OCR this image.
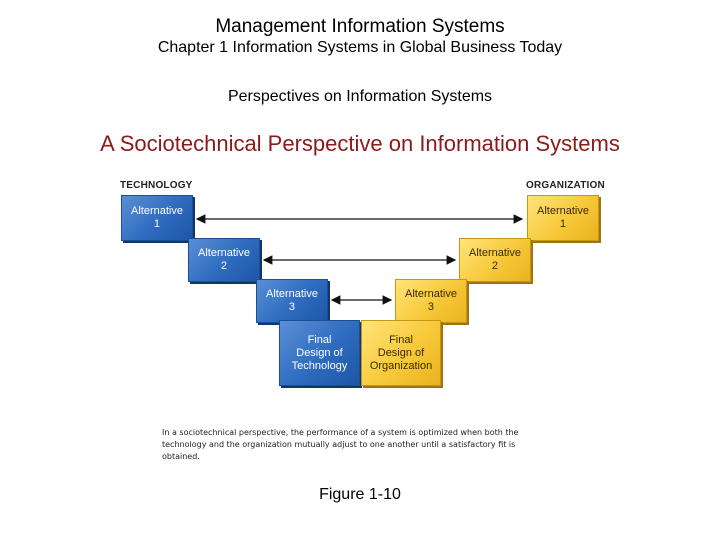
Management Information Systems
Chapter 1 Information Systems in Global Business Today
Perspectives on Information Systems
A Sociotechnical Perspective on Information Systems
TECHNOLOGY	ORGANIZATION
Alternative
1
Alternative
2
Alternative
3
Final
Design of
Technology
Alternative
1
Alternative
2
Alternative
3
Final
Design of
Organization
In a sociotechnical perspective, the performance of a system is optimized when both the technology and the organization mutually adjust to one another until a satisfactory fit is obtained.
Figure 1-10
